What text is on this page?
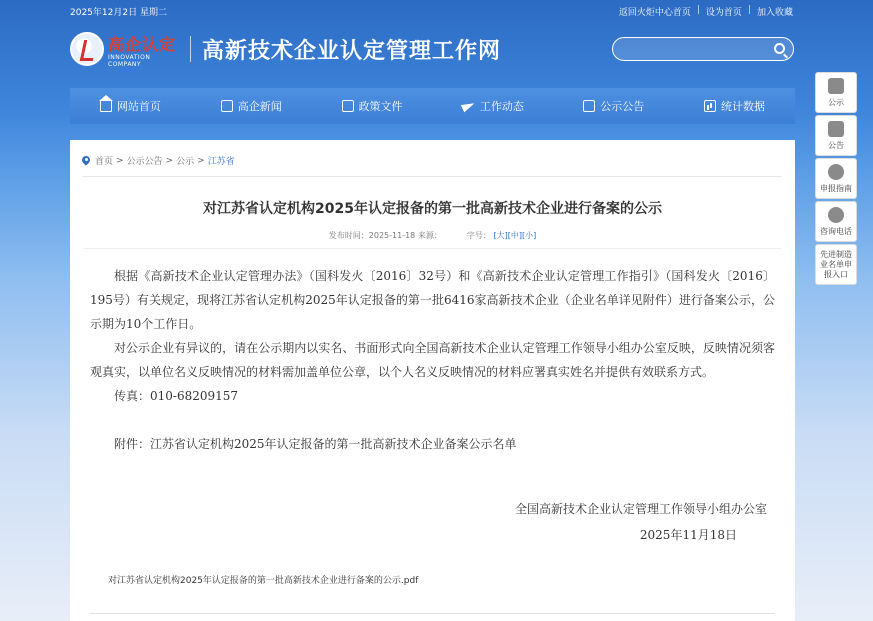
2025年12月2日 星期二	返回火炬中心首页 | 设为首页 | 加入收藏
高企认定
INNOVATION COMPANY
高新技术企业认定管理工作网
网站首页	高企新闻	政策文件	工作动态	公示公告	统计数据
首页 > 公示公告 > 公示 > 江苏省
对江苏省认定机构2025年认定报备的第一批高新技术企业进行备案的公示
发布时间：2025-11-18 来源：	字号： [大][中][小]

根据《高新技术企业认定管理办法》（国科发火〔2016〕32号）和《高新技术企业认定管理工作指引》（国科发火〔2016〕195号）有关规定，现将江苏省认定机构2025年认定报备的第一批6416家高新技术企业（企业名单详见附件）进行备案公示，公示期为10个工作日。

对公示企业有异议的，请在公示期内以实名、书面形式向全国高新技术企业认定管理工作领导小组办公室反映，反映情况须客观真实，以单位名义反映情况的材料需加盖单位公章，以个人名义反映情况的材料应署真实姓名并提供有效联系方式。

传真：010-68209157
附件：江苏省认定机构2025年认定报备的第一批高新技术企业备案公示名单
全国高新技术企业认定管理工作领导小组办公室
2025年11月18日
对江苏省认定机构2025年认定报备的第一批高新技术企业进行备案的公示.pdf
公示
公告
申报指南
咨询电话
先进制造业名单申报入口
